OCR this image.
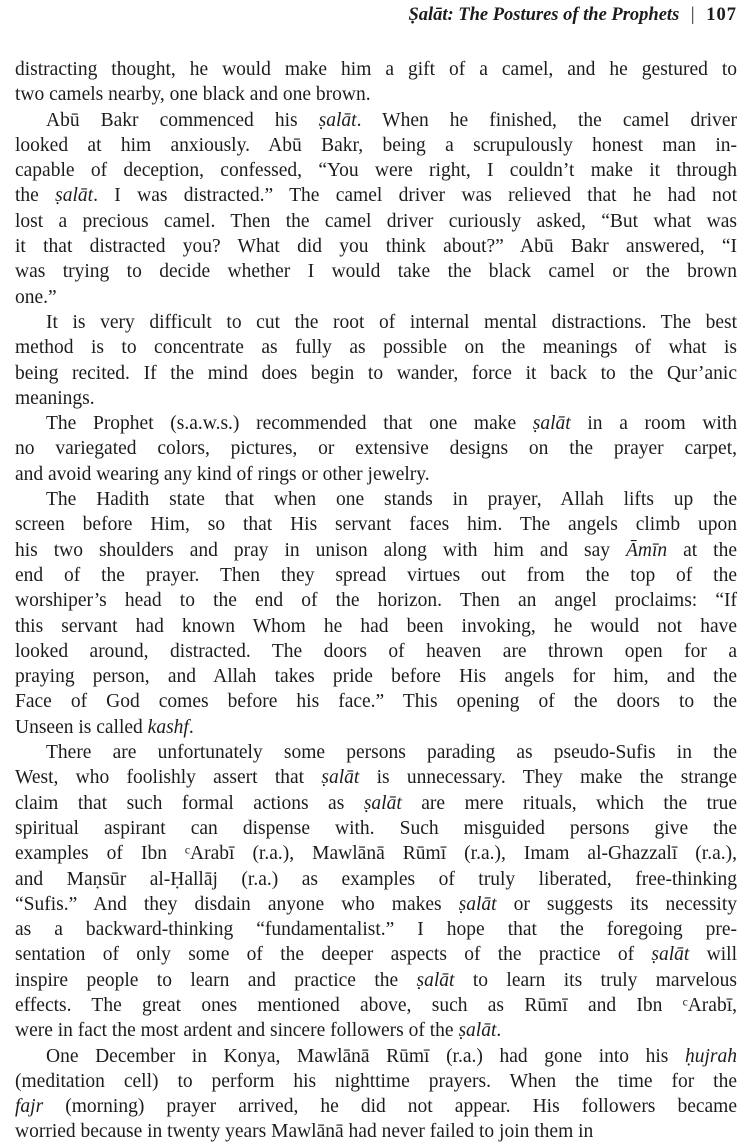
Ṣalāt: The Postures of the Prophets | 107
distracting thought, he would make him a gift of a camel, and he gestured to
two camels nearby, one black and one brown.
Abū Bakr commenced his ṣalāt. When he finished, the camel driver
looked at him anxiously. Abū Bakr, being a scrupulously honest man in-
capable of deception, confessed, “You were right, I couldn’t make it through
the ṣalāt. I was distracted.” The camel driver was relieved that he had not
lost a precious camel. Then the camel driver curiously asked, “But what was
it that distracted you? What did you think about?” Abū Bakr answered, “I
was trying to decide whether I would take the black camel or the brown
one.”
It is very difficult to cut the root of internal mental distractions. The best
method is to concentrate as fully as possible on the meanings of what is
being recited. If the mind does begin to wander, force it back to the Qur’anic
meanings.
The Prophet (s.a.w.s.) recommended that one make ṣalāt in a room with
no variegated colors, pictures, or extensive designs on the prayer carpet,
and avoid wearing any kind of rings or other jewelry.
The Hadith state that when one stands in prayer, Allah lifts up the
screen before Him, so that His servant faces him. The angels climb upon
his two shoulders and pray in unison along with him and say Āmīn at the
end of the prayer. Then they spread virtues out from the top of the
worshiper’s head to the end of the horizon. Then an angel proclaims: “If
this servant had known Whom he had been invoking, he would not have
looked around, distracted. The doors of heaven are thrown open for a
praying person, and Allah takes pride before His angels for him, and the
Face of God comes before his face.” This opening of the doors to the
Unseen is called kashf.
There are unfortunately some persons parading as pseudo-Sufis in the
West, who foolishly assert that ṣalāt is unnecessary. They make the strange
claim that such formal actions as ṣalāt are mere rituals, which the true
spiritual aspirant can dispense with. Such misguided persons give the
examples of Ibn ᶜArabī (r.a.), Mawlānā Rūmī (r.a.), Imam al-Ghazzalī (r.a.),
and Maṇsūr al-Ḥallāj (r.a.) as examples of truly liberated, free-thinking
“Sufis.” And they disdain anyone who makes ṣalāt or suggests its necessity
as a backward-thinking “fundamentalist.” I hope that the foregoing pre-
sentation of only some of the deeper aspects of the practice of ṣalāt will
inspire people to learn and practice the ṣalāt to learn its truly marvelous
effects. The great ones mentioned above, such as Rūmī and Ibn ᶜArabī,
were in fact the most ardent and sincere followers of the ṣalāt.
One December in Konya, Mawlānā Rūmī (r.a.) had gone into his ḥujrah
(meditation cell) to perform his nighttime prayers. When the time for the
fajr (morning) prayer arrived, he did not appear. His followers became
worried because in twenty years Mawlānā had never failed to join them in
